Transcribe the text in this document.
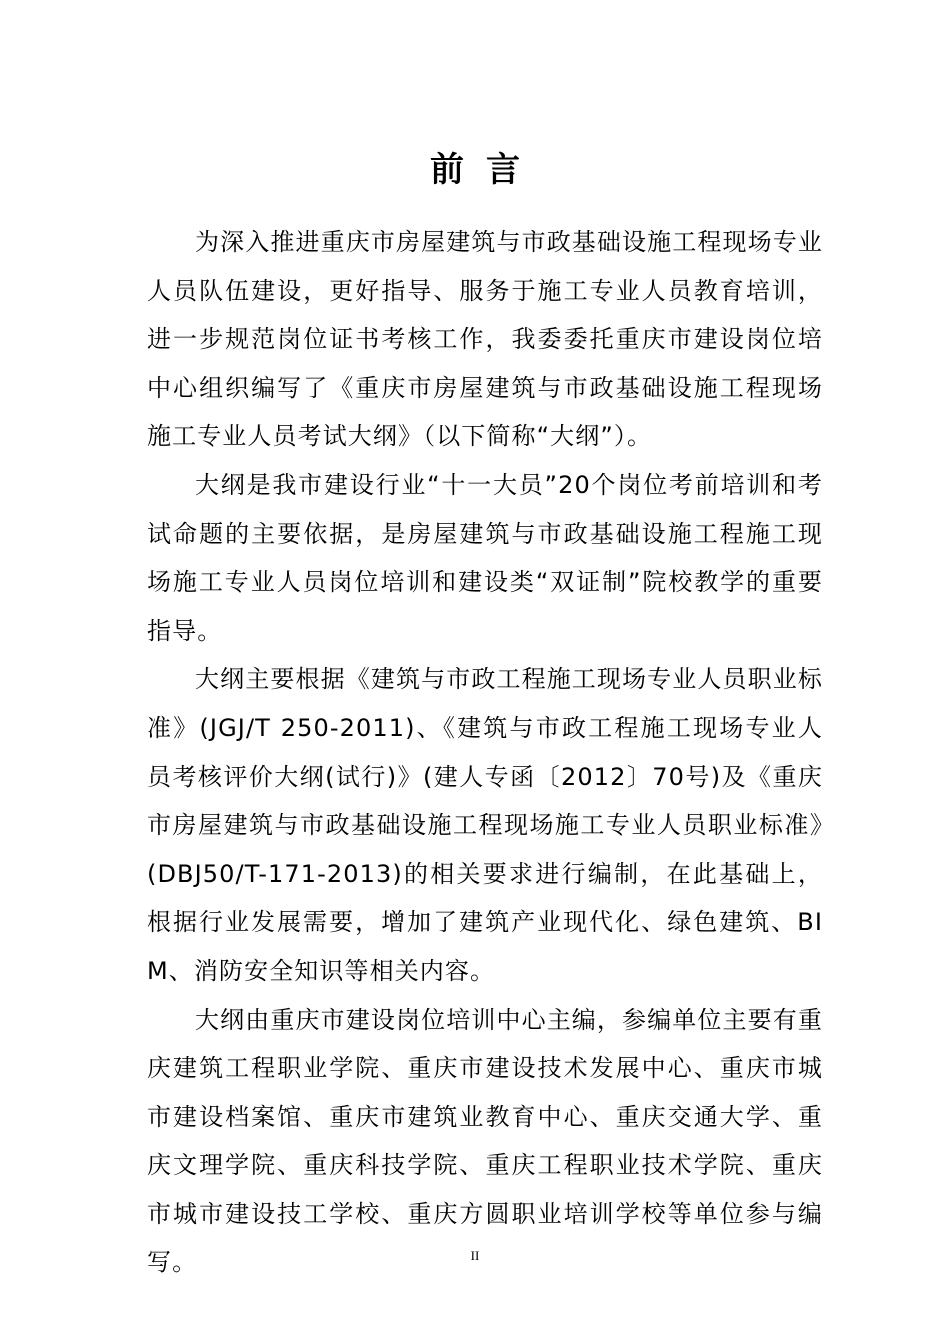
前言

为深入推进重庆市房屋建筑与市政基础设施工程现场专业人员队伍建设，更好指导、服务于施工专业人员教育培训，进一步规范岗位证书考核工作，我委委托重庆市建设岗位培中心组织编写了《重庆市房屋建筑与市政基础设施工程现场施工专业人员考试大纲》（以下简称“大纲”）。

大纲是我市建设行业“十一大员”20个岗位考前培训和考试命题的主要依据，是房屋建筑与市政基础设施工程施工现场施工专业人员岗位培训和建设类“双证制”院校教学的重要指导。

大纲主要根据《建筑与市政工程施工现场专业人员职业标准》(JGJ/T 250-2011)、《建筑与市政工程施工现场专业人员考核评价大纲(试行)》(建人专函〔2012〕70号)及《重庆市房屋建筑与市政基础设施工程现场施工专业人员职业标准》(DBJ50/T-171-2013)的相关要求进行编制，在此基础上，根据行业发展需要，增加了建筑产业现代化、绿色建筑、BIM、消防安全知识等相关内容。

大纲由重庆市建设岗位培训中心主编，参编单位主要有重庆建筑工程职业学院、重庆市建设技术发展中心、重庆市城市建设档案馆、重庆市建筑业教育中心、重庆交通大学、重庆文理学院、重庆科技学院、重庆工程职业技术学院、重庆市城市建设技工学校、重庆方圆职业培训学校等单位参与编写。	II
